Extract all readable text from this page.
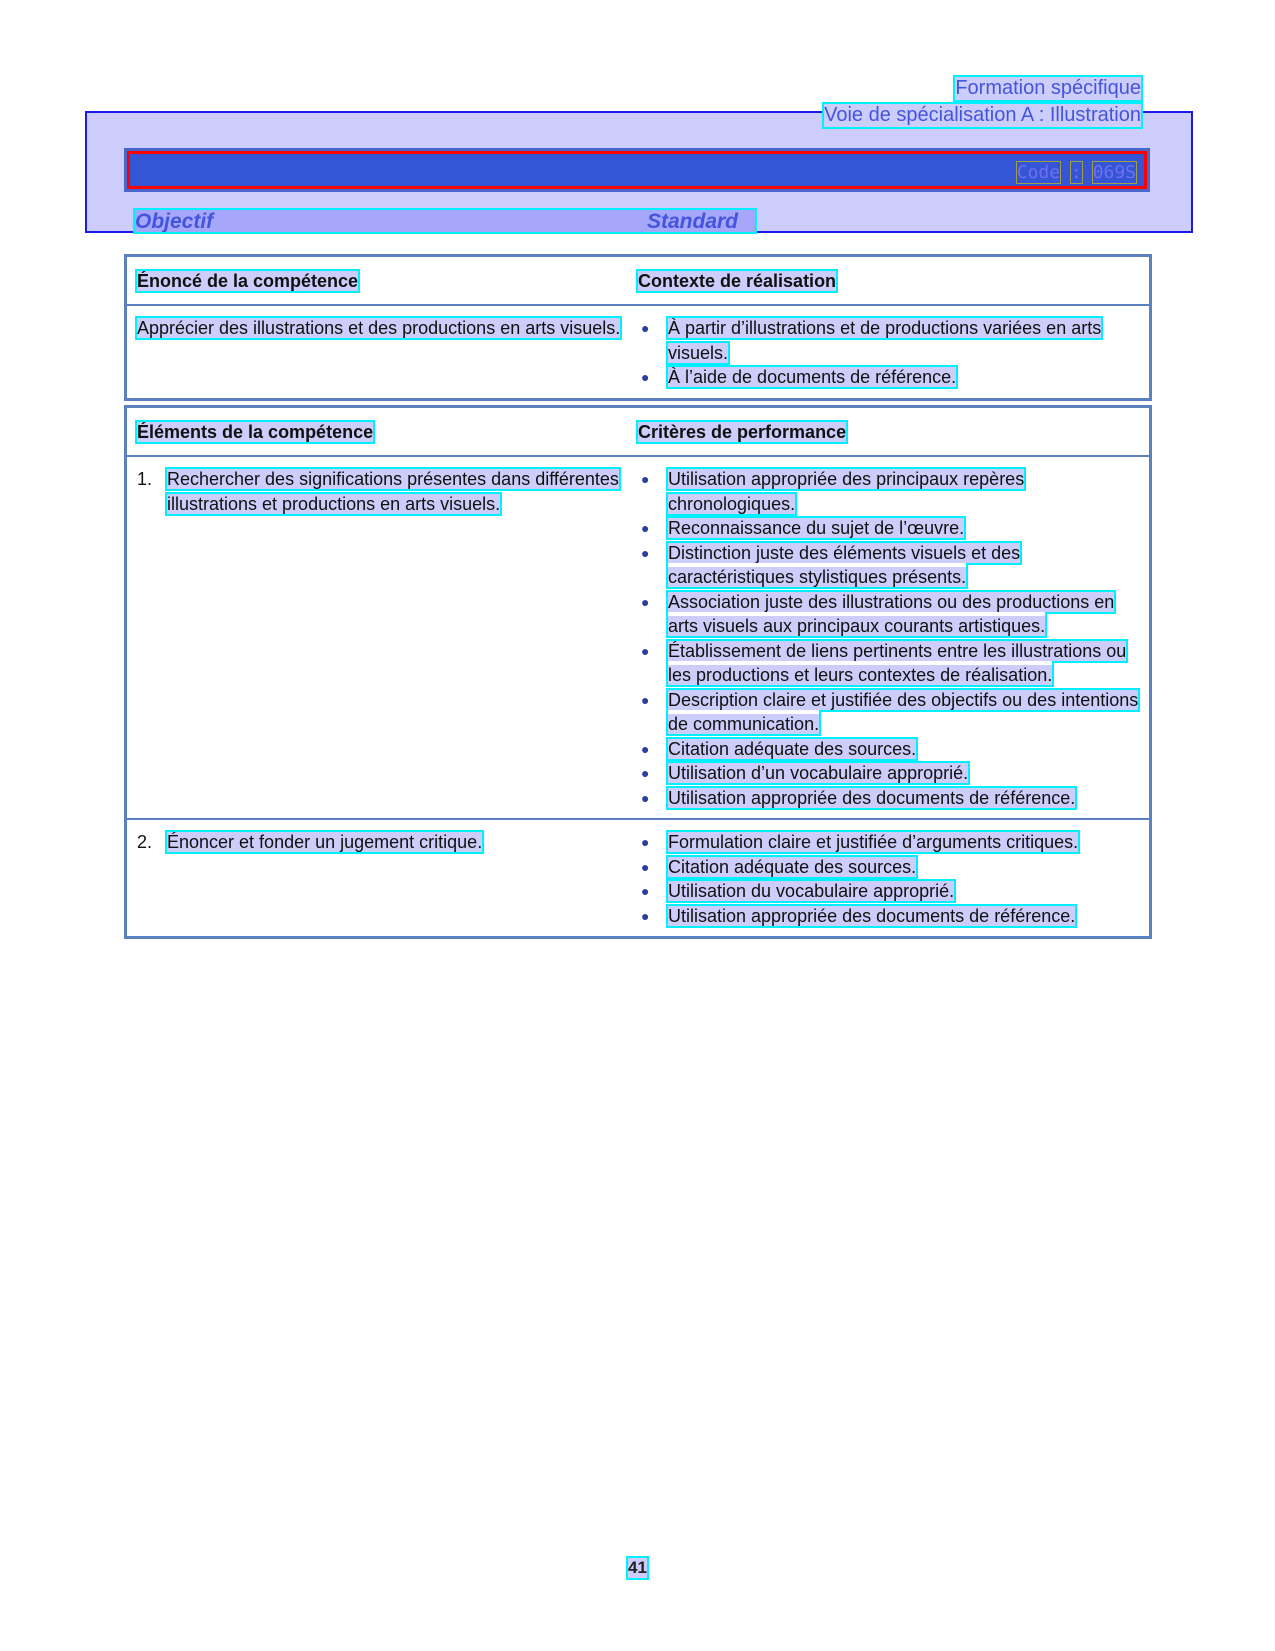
Formation spécifique
Voie de spécialisation A : Illustration
Code : 069S
Objectif	Standard
Énoncé de la compétence	Contexte de réalisation
Apprécier des illustrations et des productions en arts visuels.	● À partir d’illustrations et de productions variées en arts visuels.
● À l’aide de documents de référence.
Éléments de la compétence	Critères de performance
1. Rechercher des significations présentes dans différentes illustrations et productions en arts visuels.
● Utilisation appropriée des principaux repères chronologiques.
● Reconnaissance du sujet de l’œuvre.
● Distinction juste des éléments visuels et des caractéristiques stylistiques présents.
● Association juste des illustrations ou des productions en arts visuels aux principaux courants artistiques.
● Établissement de liens pertinents entre les illustrations ou les productions et leurs contextes de réalisation.
● Description claire et justifiée des objectifs ou des intentions de communication.
● Citation adéquate des sources.
● Utilisation d’un vocabulaire approprié.
● Utilisation appropriée des documents de référence.
2. Énoncer et fonder un jugement critique.	● Formulation claire et justifiée d’arguments critiques.
● Citation adéquate des sources.
● Utilisation du vocabulaire approprié.
● Utilisation appropriée des documents de référence.
41
